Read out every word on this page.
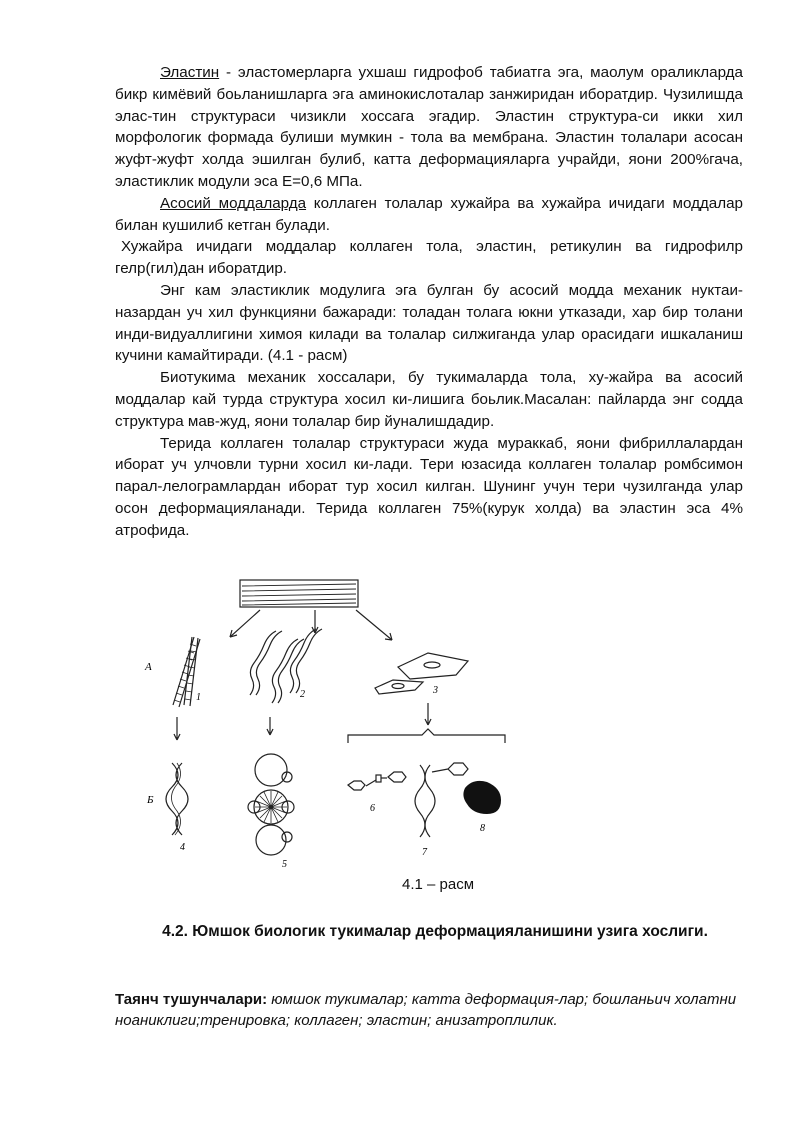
Эластин - эластомерларга ухшаш гидрофоб табиатга эга, маолум ораликларда бикр кимёвий боьланишларга эга аминокислоталар занжиридан иборатдир. Чузилишда элас-тин структураси чизикли хоссага эгадир. Эластин структура-си икки хил морфологик формада булиши мумкин - тола ва мембрана. Эластин толалари асосан жуфт-жуфт холда эшилган булиб, катта деформацияларга учрайди, яони 200%гача, эластиклик модули эса E=0,6 МПа.

Асосий моддаларда коллаген толалар хужайра ва хужайра ичидаги моддалар билан кушилиб кетган булади.

Хужайра ичидаги моддалар коллаген тола, эластин, ретикулин ва гидрофилр гелр(гил)дан иборатдир.

Энг кам эластиклик модулига эга булган бу асосий модда механик нуктаи-назардан уч хил функцияни бажаради: толадан толага юкни утказади, хар бир толани инди-видуаллигини химоя килади ва толалар силжиганда улар орасидаги ишкаланиш кучини камайтиради. (4.1 - расм)

Биотукима механик хоссалари, бу тукималарда тола, ху-жайра ва асосий моддалар кай турда структура хосил ки-лишига боьлик.Масалан: пайларда энг содда структура мав-жуд, яони толалар бир йуналишдадир.

Терида коллаген толалар структураси жуда мураккаб, яони фибриллалардан иборат уч улчовли турни хосил ки-лади. Тери юзасида коллаген толалар ромбсимон парал-лелограмлардан иборат тур хосил килган. Шунинг учун тери чузилганда улар осон деформацияланади. Терида коллаген 75%(курук холда) ва эластин эса 4% атрофида.

A
1	2	3
Б
4
5
6
7
8
4.1 – расм
4.2. Юмшок биологик тукималар деформацияланишини узига хослиги.
Таянч тушунчалари: юмшок тукималар; катта деформация-лар; бошланьич холатни ноаниклиги;тренировка; коллаген; эластин; анизатроплилик.
